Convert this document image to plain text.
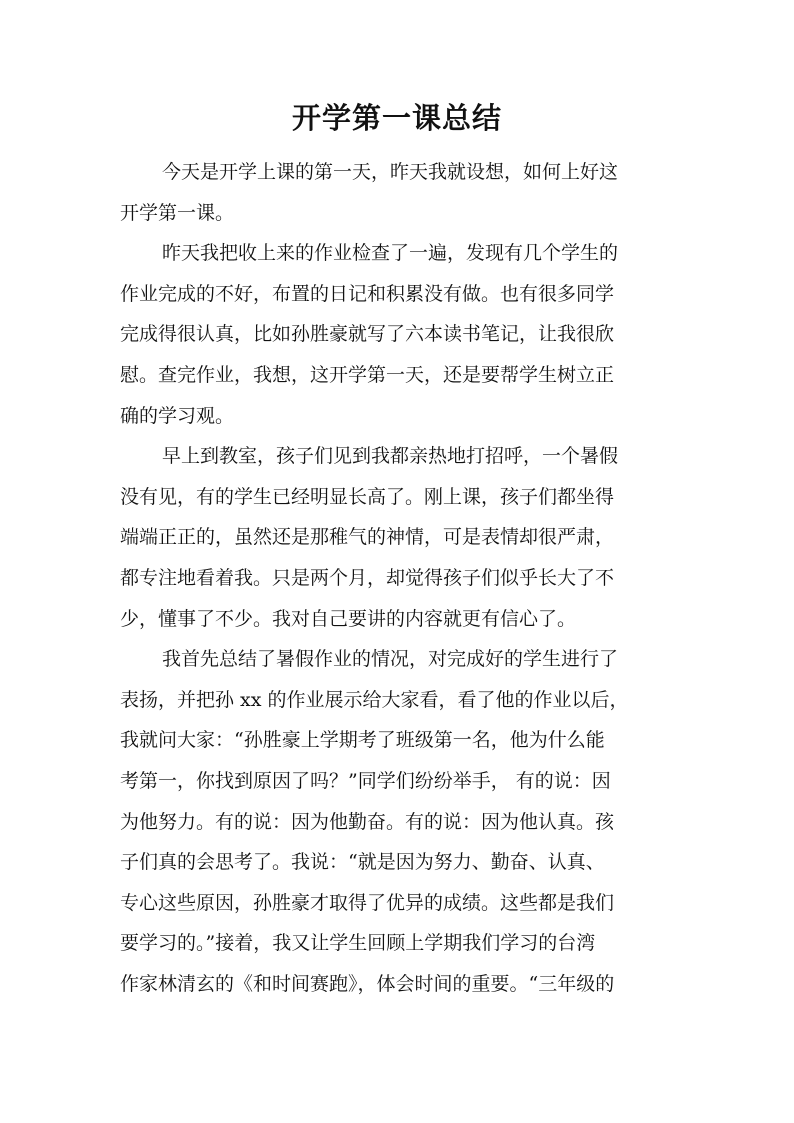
开学第一课总结

今天是开学上课的第一天，昨天我就设想，如何上好这
开学第一课。

昨天我把收上来的作业检查了一遍，发现有几个学生的
作业完成的不好，布置的日记和积累没有做。也有很多同学
完成得很认真，比如孙胜豪就写了六本读书笔记，让我很欣
慰。查完作业，我想，这开学第一天，还是要帮学生树立正
确的学习观。

早上到教室，孩子们见到我都亲热地打招呼，一个暑假
没有见，有的学生已经明显长高了。刚上课，孩子们都坐得
端端正正的，虽然还是那稚气的神情，可是表情却很严肃，
都专注地看着我。只是两个月，却觉得孩子们似乎长大了不
少，懂事了不少。我对自己要讲的内容就更有信心了。

我首先总结了暑假作业的情况，对完成好的学生进行了
表扬，并把孙 xx 的作业展示给大家看，看了他的作业以后，
我就问大家：“孙胜豪上学期考了班级第一名，他为什么能
考第一，你找到原因了吗？”同学们纷纷举手， 有的说：因
为他努力。有的说：因为他勤奋。有的说：因为他认真。孩
子们真的会思考了。我说：“就是因为努力、勤奋、认真、
专心这些原因，孙胜豪才取得了优异的成绩。这些都是我们
要学习的。”接着，我又让学生回顾上学期我们学习的台湾
作家林清玄的《和时间赛跑》，体会时间的重要。“三年级的
